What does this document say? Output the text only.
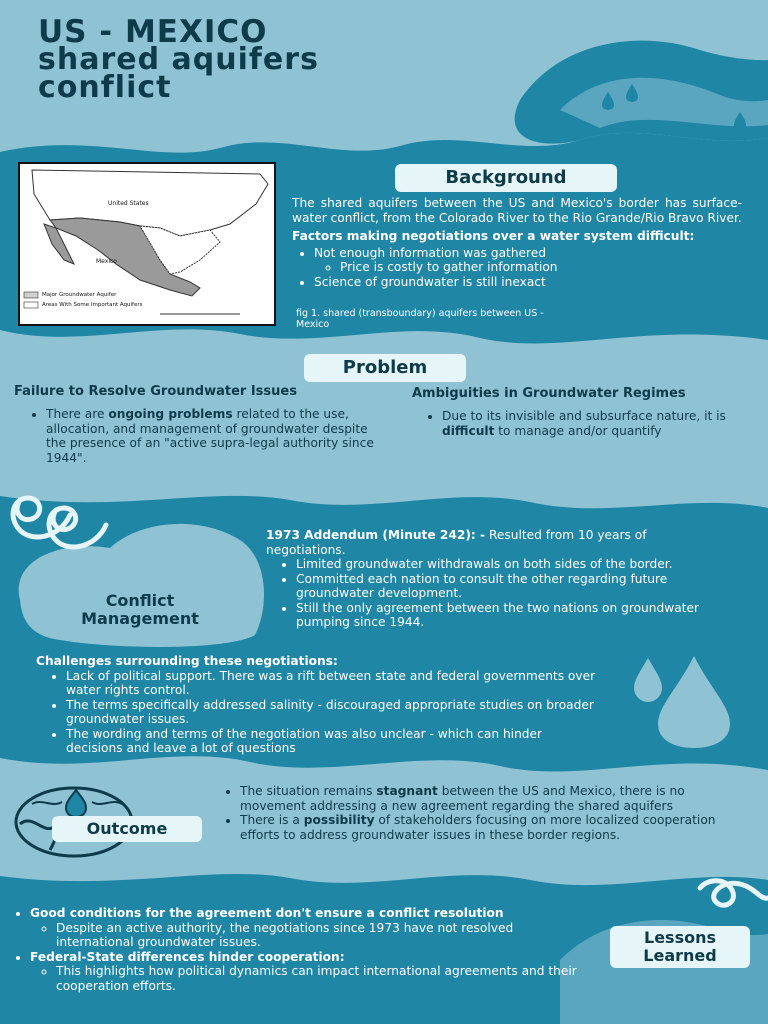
US - MEXICO
shared aquifers
conflict
United States
Mexico
Major Groundwater Aquifer
Areas With Some Important Aquifers
Background

The shared aquifers between the US and Mexico's border has surface-water conflict, from the Colorado River to the Rio Grande/Rio Bravo River.

Factors making negotiations over a water system difficult:

• Not enough information was gathered
◦ Price is costly to gather information
• Science of groundwater is still inexact

fig 1. shared (transboundary) aquifers between US - Mexico

Problem

Failure to Resolve Groundwater Issues

• There are ongoing problems related to the use, allocation, and management of groundwater despite the presence of an "active supra-legal authority since 1944".

Ambiguities in Groundwater Regimes

• Due to its invisible and subsurface nature, it is difficult to manage and/or quantify
Conflict
Management

1973 Addendum (Minute 242): - Resulted from 10 years of negotiations.

• Limited groundwater withdrawals on both sides of the border.
• Committed each nation to consult the other regarding future groundwater development.
• Still the only agreement between the two nations on groundwater pumping since 1944.

Challenges surrounding these negotiations:

• Lack of political support. There was a rift between state and federal governments over water rights control.
• The terms specifically addressed salinity - discouraged appropriate studies on broader groundwater issues.
• The wording and terms of the negotiation was also unclear - which can hinder decisions and leave a lot of questions
Outcome
• The situation remains stagnant between the US and Mexico, there is no movement addressing a new agreement regarding the shared aquifers
• There is a possibility of stakeholders focusing on more localized cooperation efforts to address groundwater issues in these border regions.
• Good conditions for the agreement don't ensure a conflict resolution
◦ Despite an active authority, the negotiations since 1973 have not resolved international groundwater issues.
• Federal-State differences hinder cooperation:
◦ This highlights how political dynamics can impact international agreements and their cooperation efforts.
Lessons
Learned
